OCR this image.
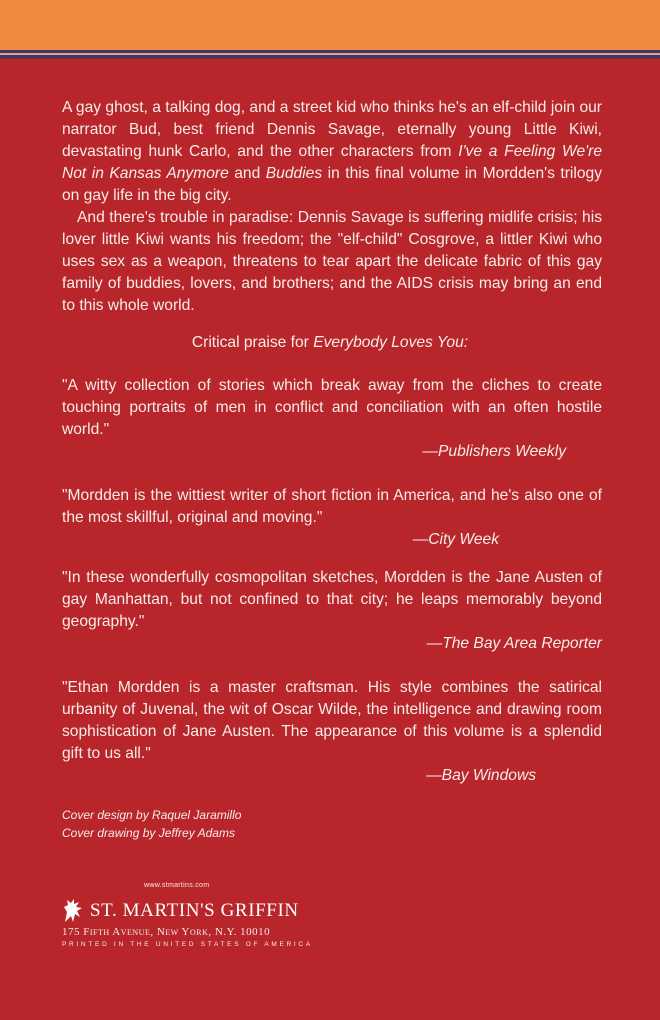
A gay ghost, a talking dog, and a street kid who thinks he's an elf-child join our narrator Bud, best friend Dennis Savage, eternally young Little Kiwi, devastating hunk Carlo, and the other characters from I've a Feeling We're Not in Kansas Anymore and Buddies in this final volume in Mordden's trilogy on gay life in the big city.

And there's trouble in paradise: Dennis Savage is suffering midlife crisis; his lover little Kiwi wants his freedom; the "elf-child" Cosgrove, a littler Kiwi who uses sex as a weapon, threatens to tear apart the delicate fabric of this gay family of buddies, lovers, and brothers; and the AIDS crisis may bring an end to this whole world.

Critical praise for Everybody Loves You:

"A witty collection of stories which break away from the cliches to create touching portraits of men in conflict and conciliation with an often hostile world."

—Publishers Weekly

"Mordden is the wittiest writer of short fiction in America, and he's also one of the most skillful, original and moving."

—City Week

"In these wonderfully cosmopolitan sketches, Mordden is the Jane Austen of gay Manhattan, but not confined to that city; he leaps memorably beyond geography."

—The Bay Area Reporter

"Ethan Mordden is a master craftsman. His style combines the satirical urbanity of Juvenal, the wit of Oscar Wilde, the intelligence and drawing room sophistication of Jane Austen. The appearance of this volume is a splendid gift to us all."

—Bay Windows
Cover design by Raquel Jaramillo
Cover drawing by Jeffrey Adams
www.stmartins.com
ST. MARTIN'S GRIFFIN
175 Fifth Avenue, New York, N.Y. 10010
PRINTED IN THE UNITED STATES OF AMERICA
